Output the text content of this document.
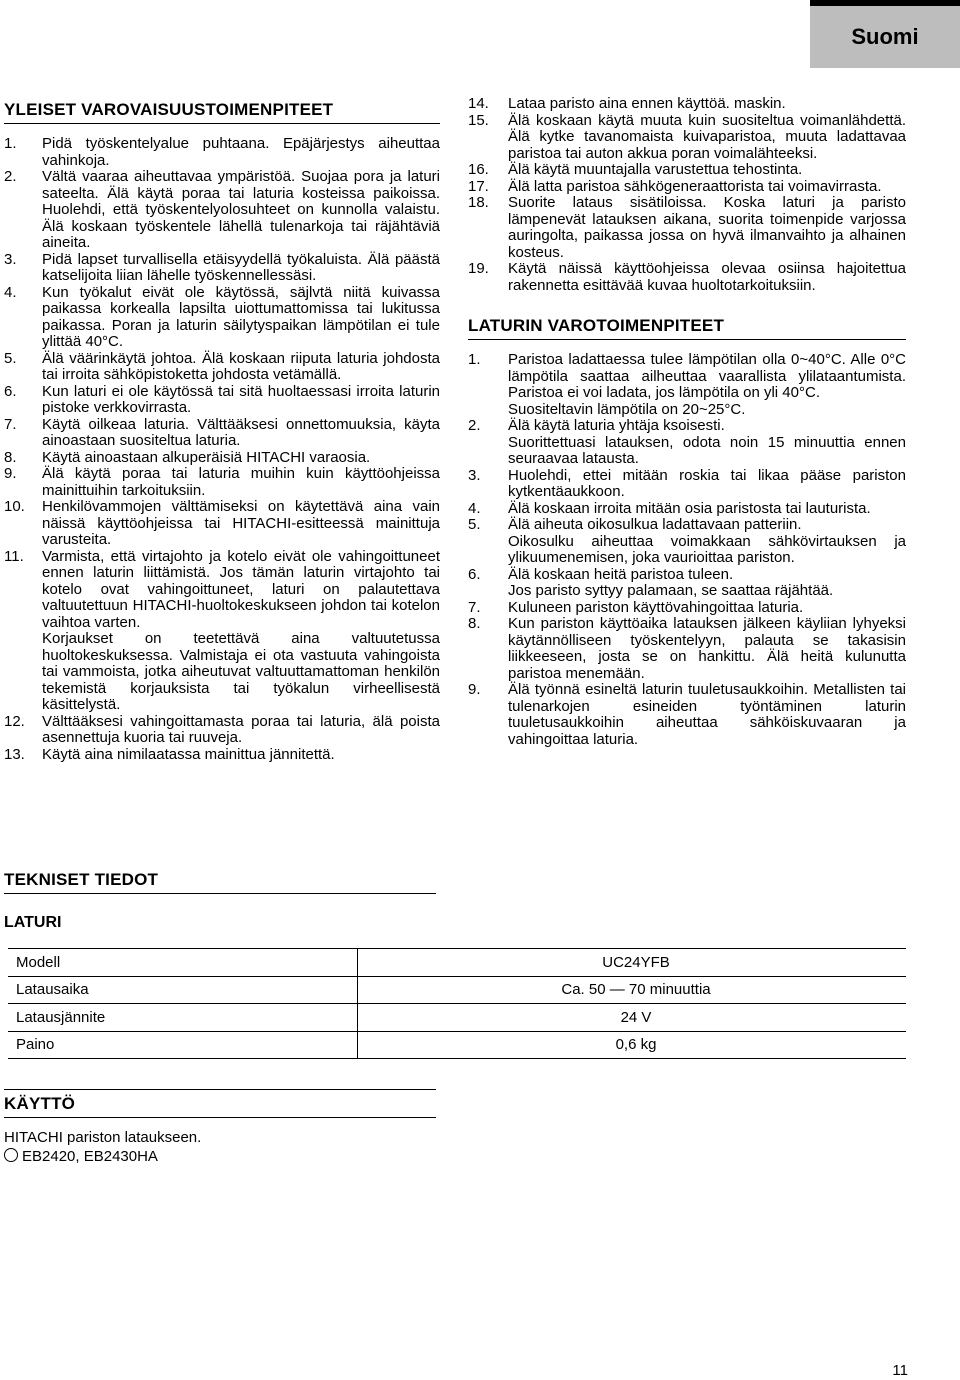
Suomi
YLEISET VAROVAISUUSTOIMENPITEET
1.	Pidä työskentelyalue puhtaana. Epäjärjestys aiheuttaa vahinkoja.
2.	Vältä vaaraa aiheuttavaa ympäristöä. Suojaa pora ja laturi sateelta. Älä käytä poraa tai laturia kosteissa paikoissa. Huolehdi, että työskentelyolosuhteet on kunnolla valaistu. Älä koskaan työskentele lähellä tulenarkoja tai räjähtäviä aineita.
3.	Pidä lapset turvallisella etäisyydellä työkaluista. Älä päästä katselijoita liian lähelle työskennellessäsi.
4.	Kun työkalut eivät ole käytössä, säjlvtä niitä kuivassa paikassa korkealla lapsilta uiottumattomissa tai lukitussa paikassa. Poran ja laturin säilytyspaikan lämpötilan ei tule ylittää 40°C.
5.	Älä väärinkäytä johtoa. Älä koskaan riiputa laturia johdosta tai irroita sähköpistoketta johdosta vetämällä.
6.	Kun laturi ei ole käytössä tai sitä huoltaessasi irroita laturin pistoke verkkovirrasta.
7.	Käytä oilkeaa laturia. Välttääksesi onnettomuuksia, käyta ainoastaan suositeltua laturia.
8.	Käytä ainoastaan alkuperäisiä HITACHI varaosia.
9.	Älä käytä poraa tai laturia muihin kuin käyttöohjeissa mainittuihin tarkoituksiin.
10.	Henkilövammojen välttämiseksi on käytettävä aina vain näissä käyttöohjeissa tai HITACHI-esitteessä mainittuja varusteita.
11.	Varmista, että virtajohto ja kotelo eivät ole vahingoittuneet ennen laturin liittämistä. Jos tämän laturin virtajohto tai kotelo ovat vahingoittuneet, laturi on palautettava valtuutettuun HITACHI-huoltokeskukseen johdon tai kotelon vaihtoa varten.
Korjaukset on teetettävä aina valtuutetussa huoltokeskuksessa. Valmistaja ei ota vastuuta vahingoista tai vammoista, jotka aiheutuvat valtuuttamattoman henkilön tekemistä korjauksista tai työkalun virheellisestä käsittelystä.
12.	Välttääksesi vahingoittamasta poraa tai laturia, älä poista asennettuja kuoria tai ruuveja.
13.	Käytä aina nimilaatassa mainittua jännitettä.
14.	Lataa paristo aina ennen käyttöä. maskin.
15.	Älä koskaan käytä muuta kuin suositeltua voimanlähdettä. Älä kytke tavanomaista kuivaparistoa, muuta ladattavaa paristoa tai auton akkua poran voimalähteeksi.
16.	Älä käytä muuntajalla varustettua tehostinta.
17.	Älä latta paristoa sähkögeneraattorista tai voimavirrasta.
18.	Suorite lataus sisätiloissa. Koska laturi ja paristo lämpenevät latauksen aikana, suorita toimenpide varjossa auringolta, paikassa jossa on hyvä ilmanvaihto ja alhainen kosteus.
19.	Käytä näissä käyttöohjeissa olevaa osiinsa hajoitettua rakennetta esittävää kuvaa huoltotarkoituksiin.
LATURIN VAROTOIMENPITEET
1.	Paristoa ladattaessa tulee lämpötilan olla 0~40°C. Alle 0°C lämpötila saattaa ailheuttaa vaarallista ylilataantumista. Paristoa ei voi ladata, jos lämpötila on yli 40°C.
Suositeltavin lämpötila on 20~25°C.
2.	Älä käytä laturia yhtäja ksoisesti.
Suorittettuasi latauksen, odota noin 15 minuuttia ennen seuraavaa latausta.
3.	Huolehdi, ettei mitään roskia tai likaa pääse pariston kytkentäaukkoon.
4.	Älä koskaan irroita mitään osia paristosta tai lauturista.
5.	Älä aiheuta oikosulkua ladattavaan patteriin.
Oikosulku aiheuttaa voimakkaan sähkövirtauksen ja ylikuumenemisen, joka vaurioittaa pariston.
6.	Älä koskaan heitä paristoa tuleen.
Jos paristo syttyy palamaan, se saattaa räjähtää.
7.	Kuluneen pariston käyttövahingoittaa laturia.
8.	Kun pariston käyttöaika latauksen jälkeen käyliian lyhyeksi käytännölliseen työskentelyyn, palauta se takasisin liikkeeseen, josta se on hankittu. Älä heitä kulunutta paristoa menemään.
9.	Älä työnnä esineltä laturin tuuletusaukkoihin. Metallisten tai tulenarkojen esineiden työntäminen laturin tuuletusaukkoihin aiheuttaa sähköiskuvaaran ja vahingoittaa laturia.
TEKNISET TIEDOT
LATURI
Modell	UC24YFB
Latausaika	Ca. 50 — 70 minuuttia
Latausjännite	24 V
Paino	0,6 kg
KÄYTTÖ
HITACHI pariston lataukseen.
EB2420, EB2430HA
11
